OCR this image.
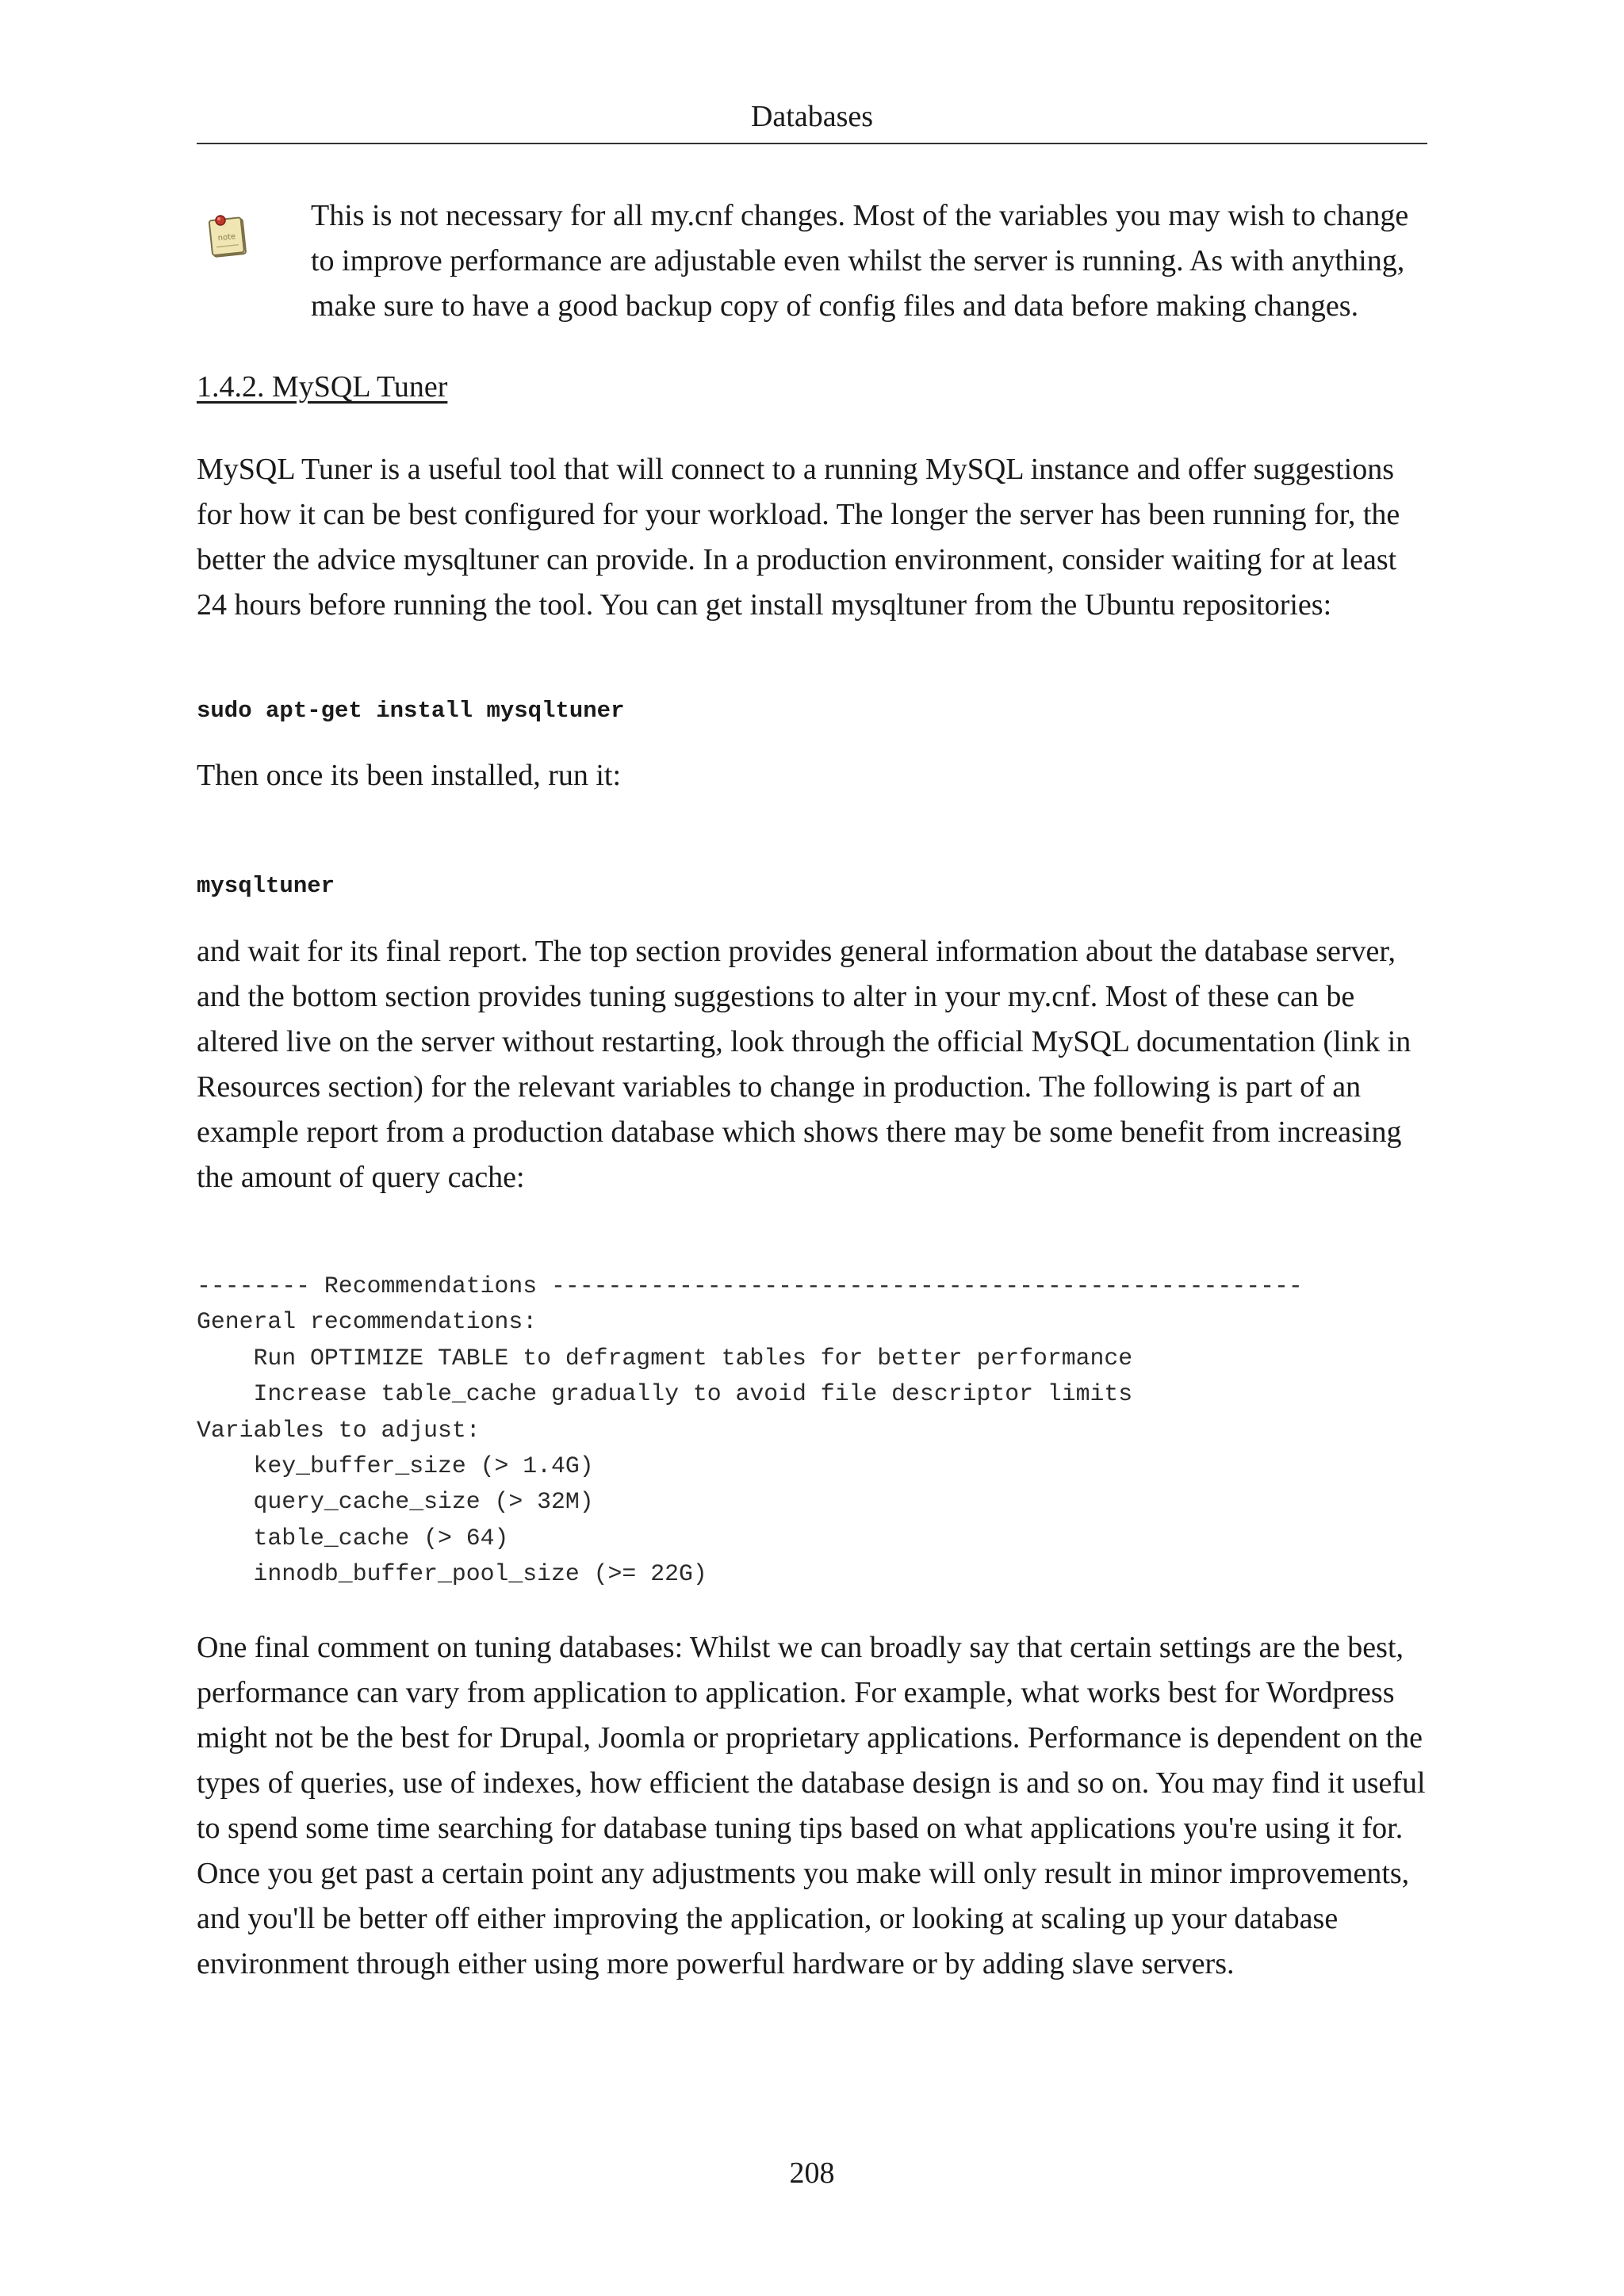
Databases
note

This is not necessary for all my.cnf changes. Most of the variables you may wish to change to improve performance are adjustable even whilst the server is running. As with anything, make sure to have a good backup copy of config files and data before making changes.

1.4.2. MySQL Tuner

MySQL Tuner is a useful tool that will connect to a running MySQL instance and offer suggestions for how it can be best configured for your workload. The longer the server has been running for, the better the advice mysqltuner can provide. In a production environment, consider waiting for at least 24 hours before running the tool. You can get install mysqltuner from the Ubuntu repositories:

sudo apt-get install mysqltuner

Then once its been installed, run it:

mysqltuner

and wait for its final report. The top section provides general information about the database server, and the bottom section provides tuning suggestions to alter in your my.cnf. Most of these can be altered live on the server without restarting, look through the official MySQL documentation (link in Resources section) for the relevant variables to change in production. The following is part of an example report from a production database which shows there may be some benefit from increasing the amount of query cache:

-------- Recommendations -----------------------------------------------------
General recommendations:
Run OPTIMIZE TABLE to defragment tables for better performance
Increase table_cache gradually to avoid file descriptor limits
Variables to adjust:
key_buffer_size (> 1.4G)
query_cache_size (> 32M)
table_cache (> 64)
innodb_buffer_pool_size (>= 22G)

One final comment on tuning databases: Whilst we can broadly say that certain settings are the best, performance can vary from application to application. For example, what works best for Wordpress might not be the best for Drupal, Joomla or proprietary applications. Performance is dependent on the types of queries, use of indexes, how efficient the database design is and so on. You may find it useful to spend some time searching for database tuning tips based on what applications you're using it for. Once you get past a certain point any adjustments you make will only result in minor improvements, and you'll be better off either improving the application, or looking at scaling up your database environment through either using more powerful hardware or by adding slave servers.

208
